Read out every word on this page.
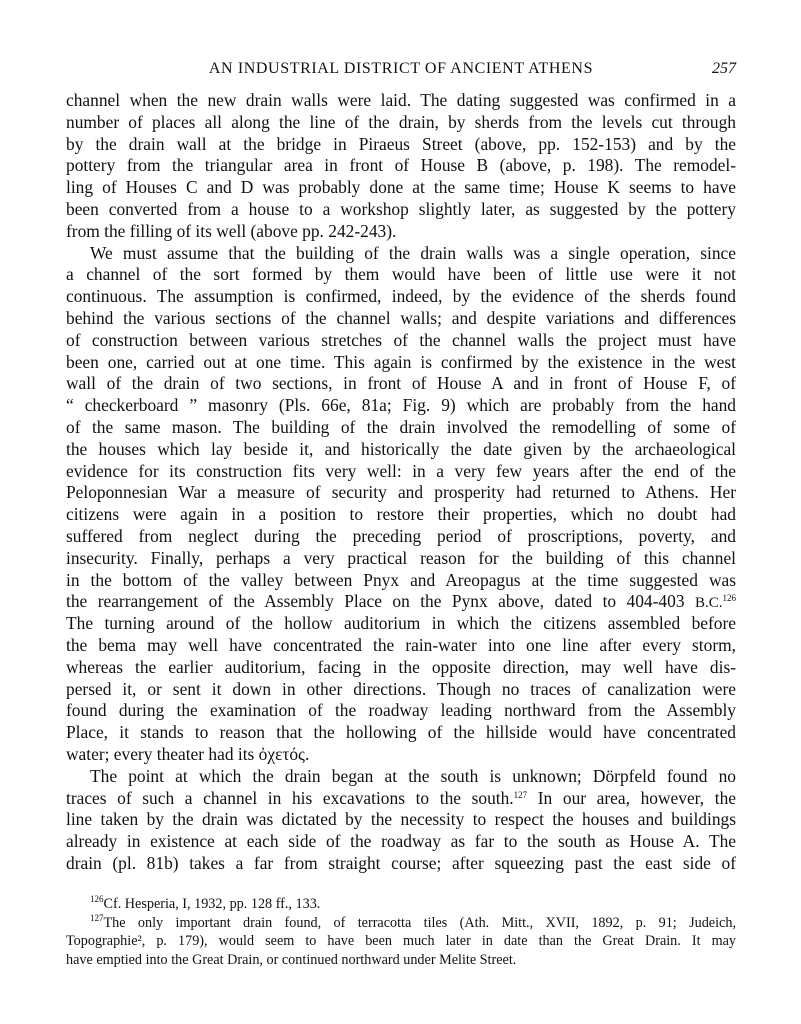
AN INDUSTRIAL DISTRICT OF ANCIENT ATHENS	257
channel when the new drain walls were laid. The dating suggested was confirmed in a
number of places all along the line of the drain, by sherds from the levels cut through
by the drain wall at the bridge in Piraeus Street (above, pp. 152-153) and by the
pottery from the triangular area in front of House B (above, p. 198). The remodel-
ling of Houses C and D was probably done at the same time; House K seems to have
been converted from a house to a workshop slightly later, as suggested by the pottery
from the filling of its well (above pp. 242-243).
We must assume that the building of the drain walls was a single operation, since
a channel of the sort formed by them would have been of little use were it not
continuous. The assumption is confirmed, indeed, by the evidence of the sherds found
behind the various sections of the channel walls; and despite variations and differences
of construction between various stretches of the channel walls the project must have
been one, carried out at one time. This again is confirmed by the existence in the west
wall of the drain of two sections, in front of House A and in front of House F, of
“ checkerboard ” masonry (Pls. 66e, 81a; Fig. 9) which are probably from the hand
of the same mason. The building of the drain involved the remodelling of some of
the houses which lay beside it, and historically the date given by the archaeological
evidence for its construction fits very well: in a very few years after the end of the
Peloponnesian War a measure of security and prosperity had returned to Athens. Her
citizens were again in a position to restore their properties, which no doubt had
suffered from neglect during the preceding period of proscriptions, poverty, and
insecurity. Finally, perhaps a very practical reason for the building of this channel
in the bottom of the valley between Pnyx and Areopagus at the time suggested was
the rearrangement of the Assembly Place on the Pynx above, dated to 404-403 B.C.$^{126}$
The turning around of the hollow auditorium in which the citizens assembled before
the bema may well have concentrated the rain-water into one line after every storm,
whereas the earlier auditorium, facing in the opposite direction, may well have dis-
persed it, or sent it down in other directions. Though no traces of canalization were
found during the examination of the roadway leading northward from the Assembly
Place, it stands to reason that the hollowing of the hillside would have concentrated
water; every theater had its ὀχετός.
The point at which the drain began at the south is unknown; Dörpfeld found no
traces of such a channel in his excavations to the south.$^{127}$ In our area, however, the
line taken by the drain was dictated by the necessity to respect the houses and buildings
already in existence at each side of the roadway as far to the south as House A. The
drain (pl. 81b) takes a far from straight course; after squeezing past the east side of
$^{126}$Cf. Hesperia, I, 1932, pp. 128 ff., 133.
$^{127}$The only important drain found, of terracotta tiles (Ath. Mitt., XVII, 1892, p. 91; Judeich,
Topographie², p. 179), would seem to have been much later in date than the Great Drain. It may
have emptied into the Great Drain, or continued northward under Melite Street.
